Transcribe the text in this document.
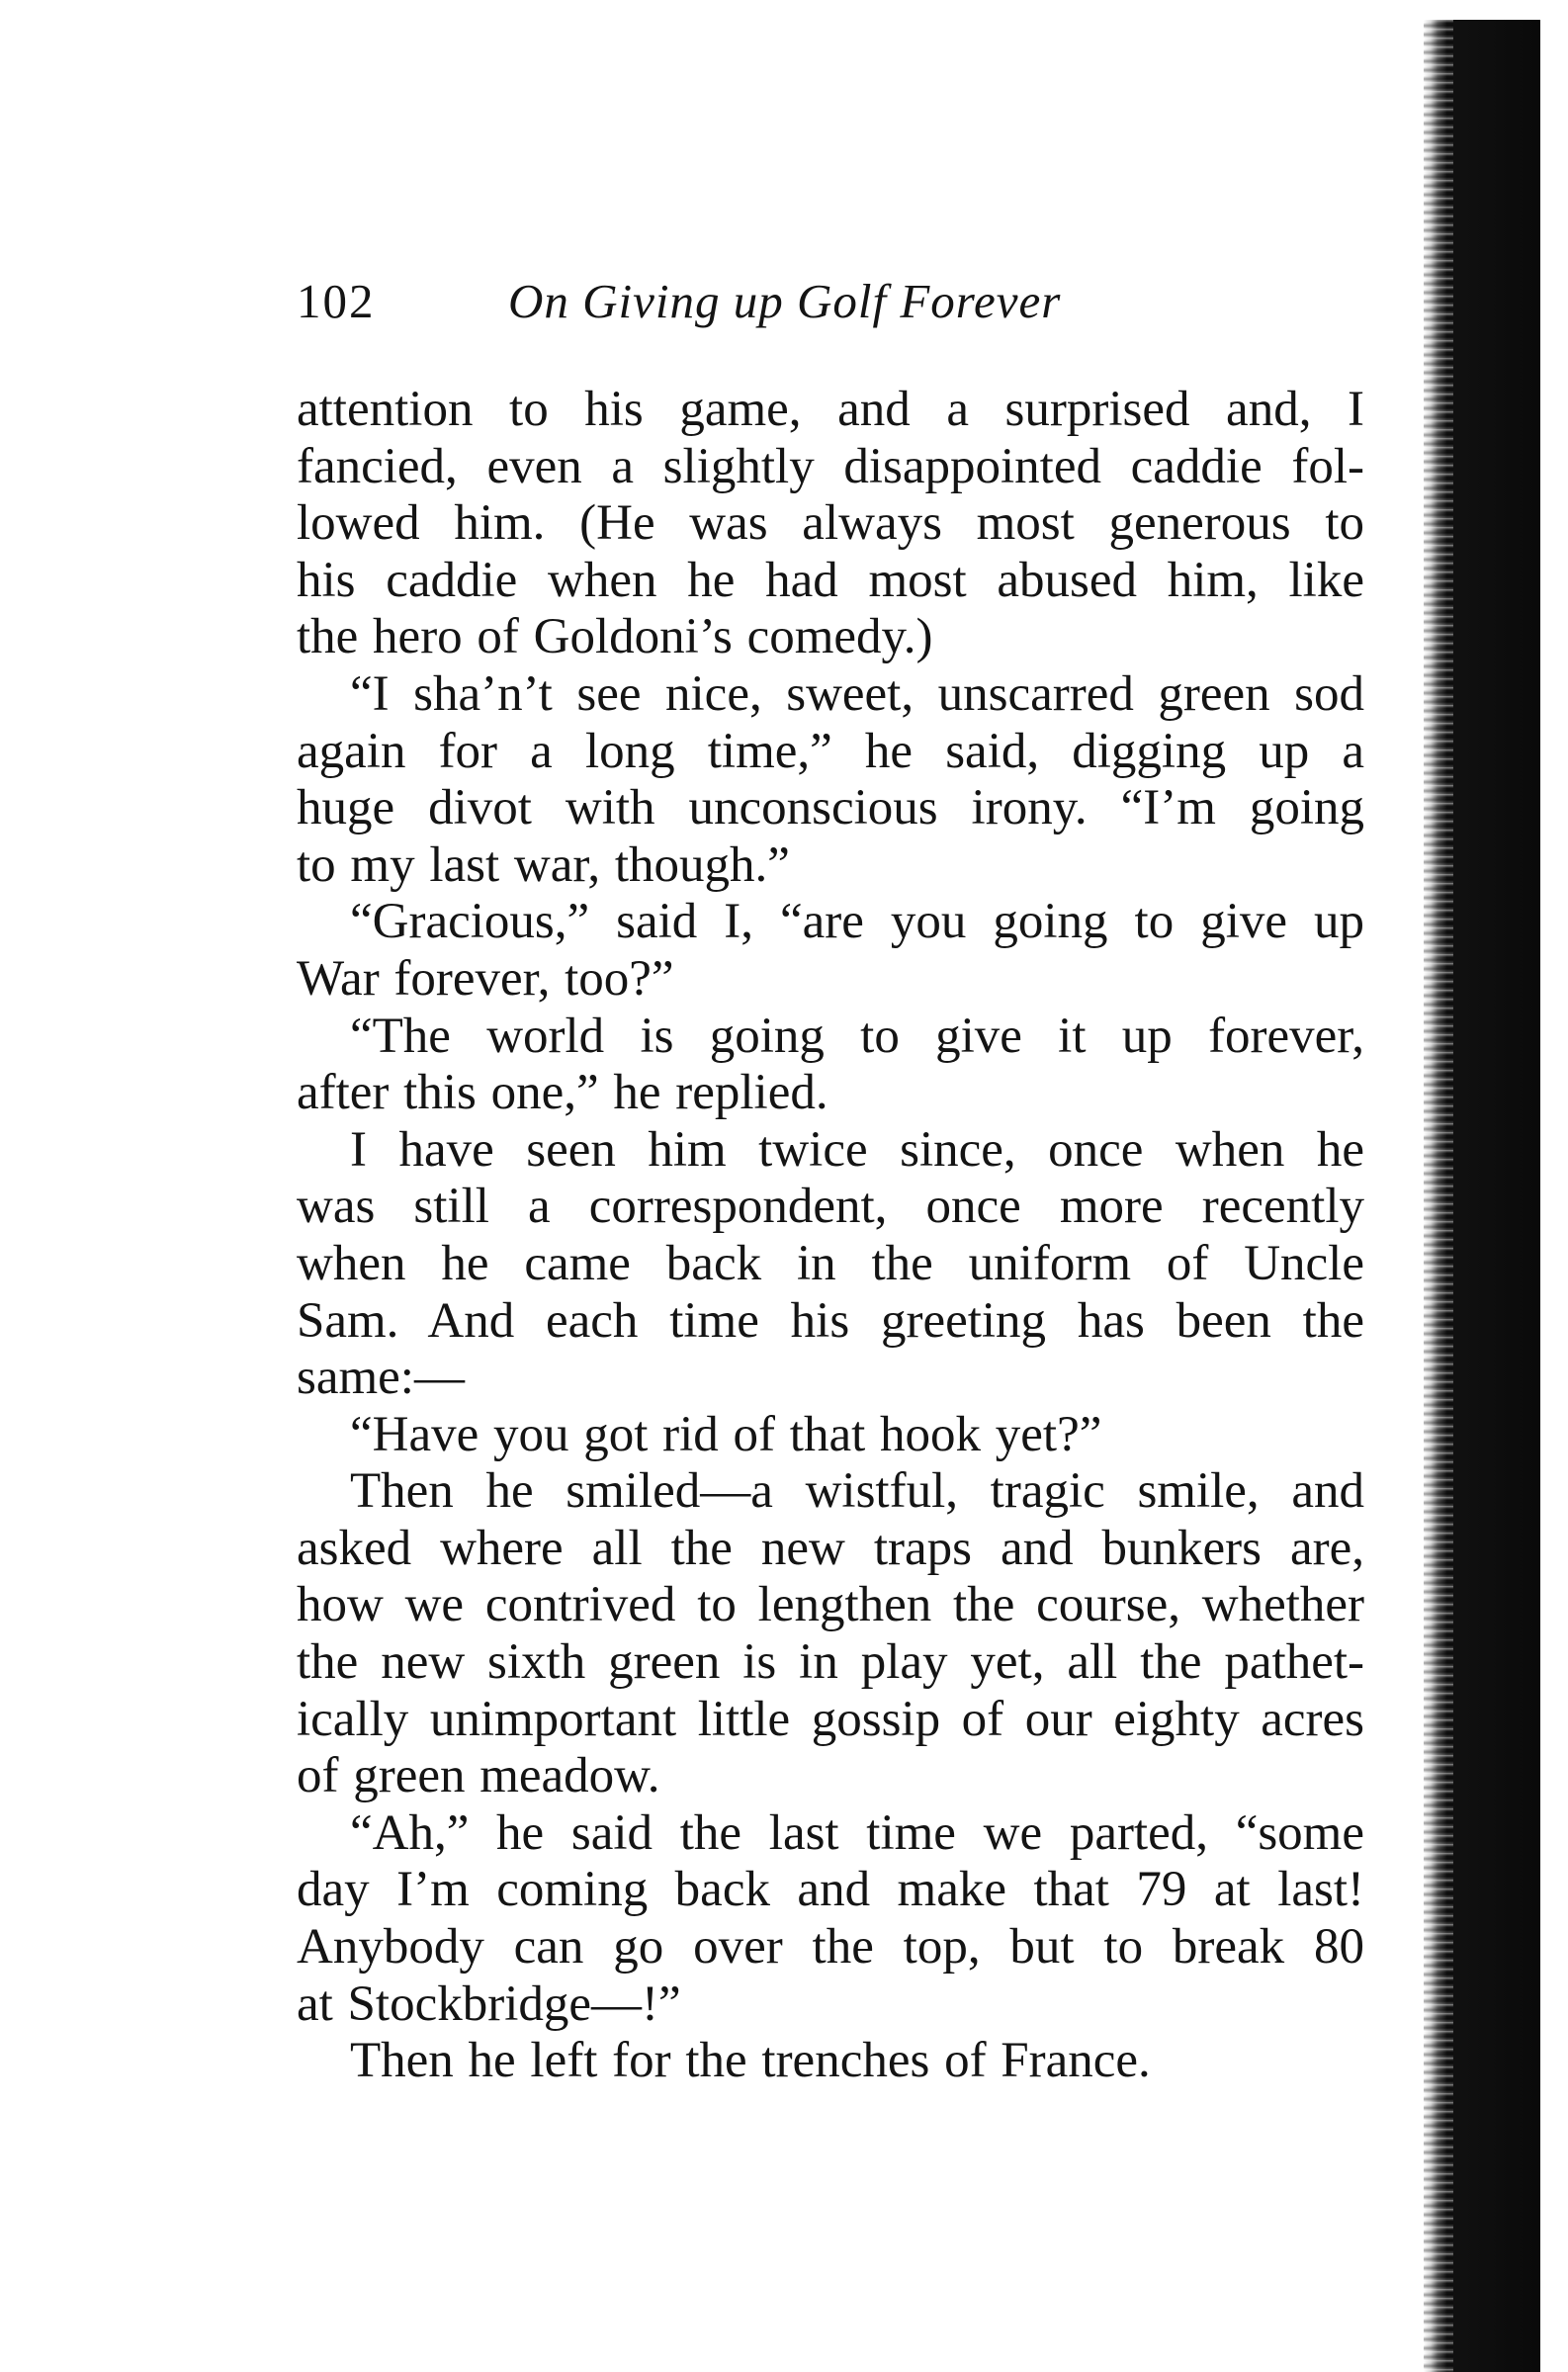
102	On Giving up Golf Forever
attention to his game, and a surprised and, I
fancied, even a slightly disappointed caddie fol-
lowed him. (He was always most generous to
his caddie when he had most abused him, like
the hero of Goldoni’s comedy.)
“I sha’n’t see nice, sweet, unscarred green sod
again for a long time,” he said, digging up a
huge divot with unconscious irony. “I’m going
to my last war, though.”
“Gracious,” said I, “are you going to give up
War forever, too?”
“The world is going to give it up forever,
after this one,” he replied.
I have seen him twice since, once when he
was still a correspondent, once more recently
when he came back in the uniform of Uncle
Sam. And each time his greeting has been the
same:—
“Have you got rid of that hook yet?”
Then he smiled—a wistful, tragic smile, and
asked where all the new traps and bunkers are,
how we contrived to lengthen the course, whether
the new sixth green is in play yet, all the pathet-
ically unimportant little gossip of our eighty acres
of green meadow.
“Ah,” he said the last time we parted, “some
day I’m coming back and make that 79 at last!
Anybody can go over the top, but to break 80
at Stockbridge—!”
Then he left for the trenches of France.
